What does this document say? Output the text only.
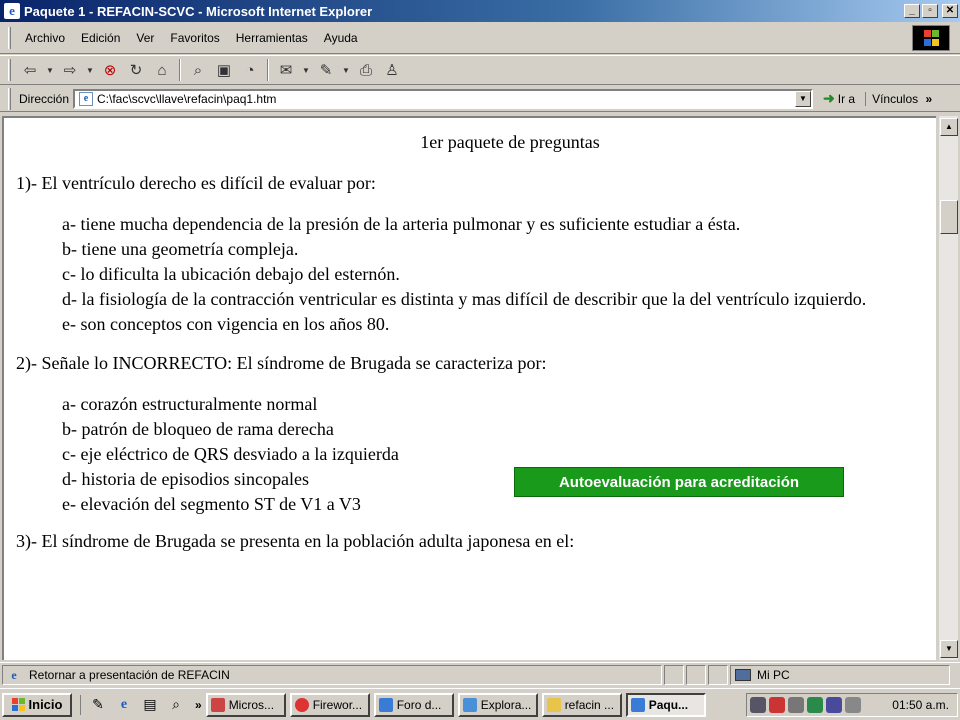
e Paquete 1 - REFACIN-SCVC - Microsoft Internet Explorer	_	▫	✕
Archivo	Edición	Ver	Favoritos	Herramientas	Ayuda
⇦	▼ ⇨	▼ ⊗ ↻	⌂	⌕ ▣ ◔	✉	▼ ✎	▼ ⎙ ♙
Dirección	e C:\fac\scvc\llave\refacin\paq1.htm	▼ ➜ Ir a	Vínculos »
1er paquete de preguntas
1)- El ventrículo derecho es difícil de evaluar por:
a- tiene mucha dependencia de la presión de la arteria pulmonar y es suficiente estudiar a ésta.
b- tiene una geometría compleja.
c- lo dificulta la ubicación debajo del esternón.
d- la fisiología de la contracción ventricular es distinta y mas difícil de describir que la del ventrículo izquierdo.
e- son conceptos con vigencia en los años 80.
2)- Señale lo INCORRECTO: El síndrome de Brugada se caracteriza por:
a- corazón estructuralmente normal
b- patrón de bloqueo de rama derecha
c- eje eléctrico de QRS desviado a la izquierda
d- historia de episodios sincopales
e- elevación del segmento ST de V1 a V3
3)- El síndrome de Brugada se presenta en la población adulta japonesa en el:
Autoevaluación para acreditación
▲
▼
e	Retornar a presentación de REFACIN	Mi PC
Inicio ✎	e	▤	⌕	» Micros...	Firewor...	Foro d...	Explora...	refacin ...	Paqu...	01:50 a.m.
